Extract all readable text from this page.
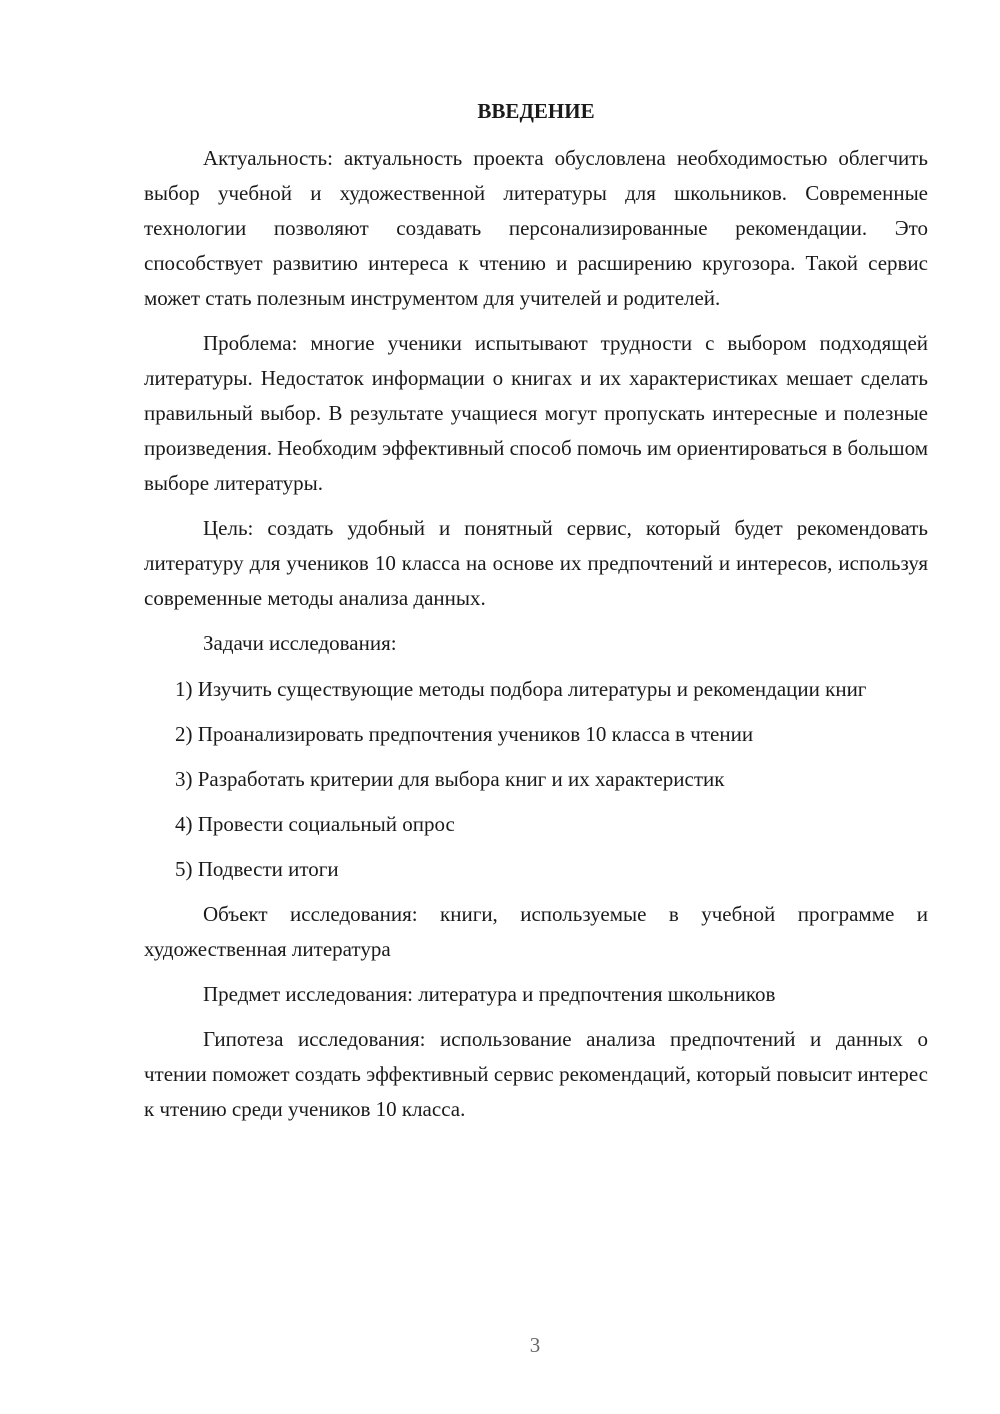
ВВЕДЕНИЕ

Актуальность: актуальность проекта обусловлена необходимостью облегчить выбор учебной и художественной литературы для школьников. Современные технологии позволяют создавать персонализированные рекомендации. Это способствует развитию интереса к чтению и расширению кругозора. Такой сервис может стать полезным инструментом для учителей и родителей.

Проблема: многие ученики испытывают трудности с выбором подходящей литературы. Недостаток информации о книгах и их характеристиках мешает сделать правильный выбор. В результате учащиеся могут пропускать интересные и полезные произведения. Необходим эффективный способ помочь им ориентироваться в большом выборе литературы.

Цель: создать удобный и понятный сервис, который будет рекомендовать литературу для учеников 10 класса на основе их предпочтений и интересов, используя современные методы анализа данных.

Задачи исследования:

1) Изучить существующие методы подбора литературы и рекомендации книг

2) Проанализировать предпочтения учеников 10 класса в чтении

3) Разработать критерии для выбора книг и их характеристик

4) Провести социальный опрос

5) Подвести итоги

Объект исследования: книги, используемые в учебной программе и художественная литература

Предмет исследования: литература и предпочтения школьников

Гипотеза исследования: использование анализа предпочтений и данных о чтении поможет создать эффективный сервис рекомендаций, который повысит интерес к чтению среди учеников 10 класса.

3
